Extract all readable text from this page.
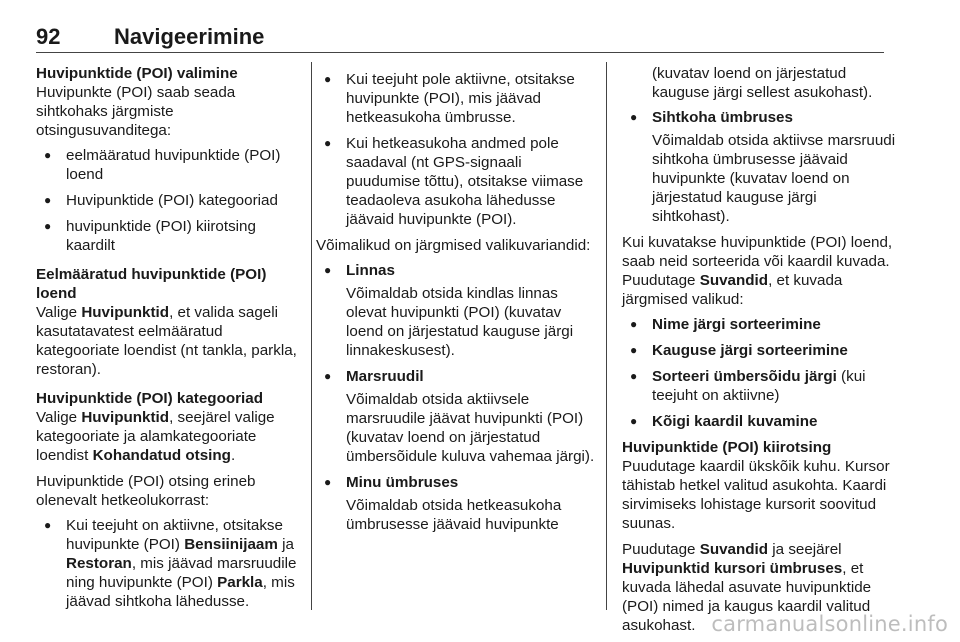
92 Navigeerimine

Huvipunktide (POI) valimine

Huvipunkte (POI) saab seada sihtkohaks järgmiste otsingusuvanditega:

● eelmääratud huvipunktide (POI) loend
● Huvipunktide (POI) kategooriad
● huvipunktide (POI) kiirotsing kaardilt

Eelmääratud huvipunktide (POI) loend

Valige Huvipunktid, et valida sageli kasutatavatest eelmääratud kategooriate loendist (nt tankla, parkla, restoran).

Huvipunktide (POI) kategooriad

Valige Huvipunktid, seejärel valige kategooriate ja alamkategooriate loendist Kohandatud otsing.

Huvipunktide (POI) otsing erineb olenevalt hetkeolukorrast:

● Kui teejuht on aktiivne, otsitakse huvipunkte (POI) Bensiinijaam ja Restoran, mis jäävad marsruudile ning huvipunkte (POI) Parkla, mis jäävad sihtkoha lähedusse.
● Kui teejuht pole aktiivne, otsitakse huvipunkte (POI), mis jäävad hetkeasukoha ümbrusse.
● Kui hetkeasukoha andmed pole saadaval (nt GPS-signaali puudumise tõttu), otsitakse viimase teadaoleva asukoha lähedusse jäävaid huvipunkte (POI).

Võimalikud on järgmised valikuvariandid:

● Linnas

Võimaldab otsida kindlas linnas olevat huvipunkti (POI) (kuvatav loend on järjestatud kauguse järgi linnakeskusest).

● Marsruudil

Võimaldab otsida aktiivsele marsruudile jäävat huvipunkti (POI) (kuvatav loend on järjestatud ümbersõidule kuluva vahemaa järgi).

● Minu ümbruses

Võimaldab otsida hetkeasukoha ümbrusesse jäävaid huvipunkte

(kuvatav loend on järjestatud kauguse järgi sellest asukohast).

● Sihtkoha ümbruses

Võimaldab otsida aktiivse marsruudi sihtkoha ümbrusesse jäävaid huvipunkte (kuvatav loend on järjestatud kauguse järgi sihtkohast).

Kui kuvatakse huvipunktide (POI) loend, saab neid sorteerida või kaardil kuvada. Puudutage Suvandid, et kuvada järgmised valikud:

● Nime järgi sorteerimine
● Kauguse järgi sorteerimine
● Sorteeri ümbersõidu järgi (kui teejuht on aktiivne)
● Kõigi kaardil kuvamine

Huvipunktide (POI) kiirotsing

Puudutage kaardil ükskõik kuhu. Kursor tähistab hetkel valitud asukohta. Kaardi sirvimiseks lohistage kursorit soovitud suunas.

Puudutage Suvandid ja seejärel Huvipunktid kursori ümbruses, et kuvada lähedal asuvate huvipunktide (POI) nimed ja kaugus kaardil valitud asukohast. carmanualsonline.info
